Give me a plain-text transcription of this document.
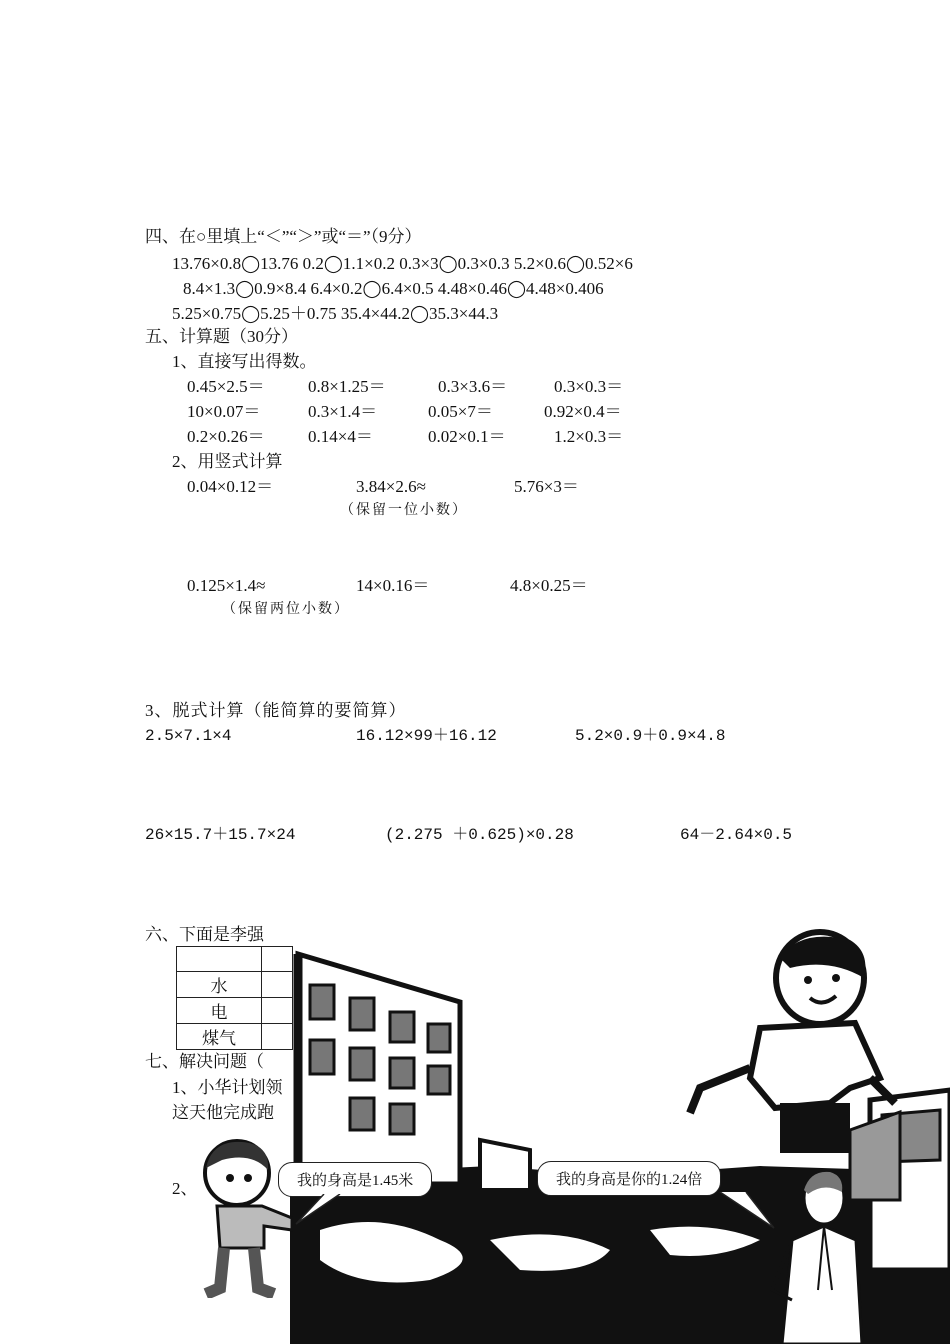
四、在○里填上“＜”“＞”或“＝”（9分）
13.76×0.8◯13.76 0.2◯1.1×0.2 0.3×3◯0.3×0.3 5.2×0.6◯0.52×6
8.4×1.3◯0.9×8.4 6.4×0.2◯6.4×0.5 4.48×0.46◯4.48×0.406
5.25×0.75◯5.25＋0.75 35.4×44.2◯35.3×44.3
五、计算题（30分）
1、直接写出得数。
0.45×2.5＝	0.8×1.25＝	0.3×3.6＝	0.3×0.3＝
10×0.07＝	0.3×1.4＝	0.05×7＝	0.92×0.4＝
0.2×0.26＝	0.14×4＝	0.02×0.1＝	1.2×0.3＝
2、用竖式计算
0.04×0.12＝	3.84×2.6≈	5.76×3＝
（保留一位小数）
0.125×1.4≈	14×0.16＝	4.8×0.25＝
（保留两位小数）
3、脱式计算（能简算的要简算）
2.5×7.1×4	16.12×99＋16.12	5.2×0.9＋0.9×4.8
26×15.7＋15.7×24	(2.275 ＋0.625)×0.28	64－2.64×0.5
六、下面是李强

水	
电	
煤气	
七、解决问题（
1、小华计划领
这天他完成跑
2、	我的身高是1.45米	我的身高是你的1.24倍
